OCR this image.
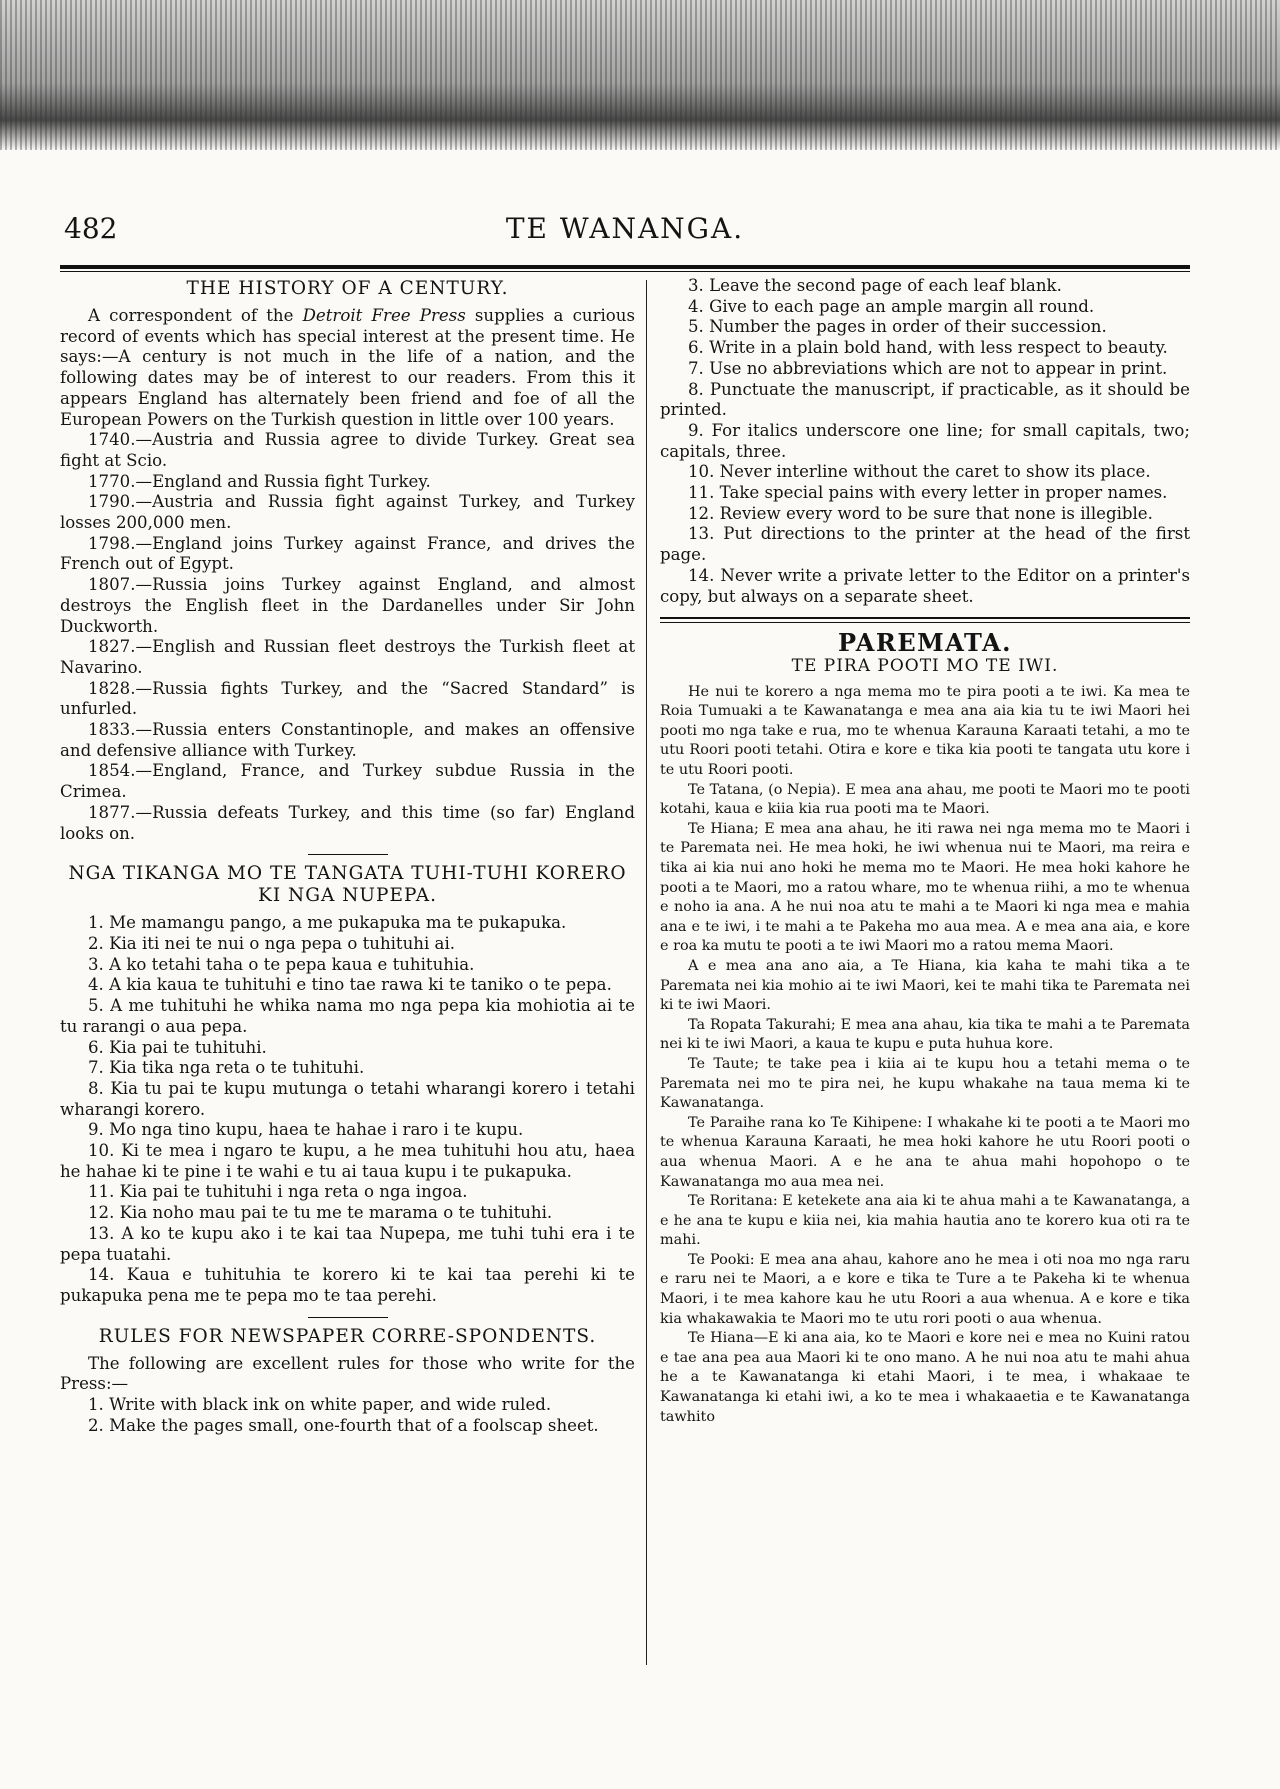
482	TE WANANGA.
THE HISTORY OF A CENTURY.

A correspondent of the Detroit Free Press supplies a curious record of events which has special interest at the present time. He says:—A century is not much in the life of a nation, and the following dates may be of interest to our readers. From this it appears England has alternately been friend and foe of all the European Powers on the Turkish question in little over 100 years.

1740.—Austria and Russia agree to divide Turkey. Great sea fight at Scio.

1770.—England and Russia fight Turkey.

1790.—Austria and Russia fight against Turkey, and Turkey losses 200,000 men.

1798.—England joins Turkey against France, and drives the French out of Egypt.

1807.—Russia joins Turkey against England, and almost destroys the English fleet in the Dardanelles under Sir John Duckworth.

1827.—English and Russian fleet destroys the Turkish fleet at Navarino.

1828.—Russia fights Turkey, and the “Sacred Standard” is unfurled.

1833.—Russia enters Constantinople, and makes an offensive and defensive alliance with Turkey.

1854.—England, France, and Turkey subdue Russia in the Crimea.

1877.—Russia defeats Turkey, and this time (so far) England looks on.

NGA TIKANGA MO TE TANGATA TUHI-TUHI KORERO KI NGA NUPEPA.

1. Me mamangu pango, a me pukapuka ma te pukapuka.

2. Kia iti nei te nui o nga pepa o tuhituhi ai.

3. A ko tetahi taha o te pepa kaua e tuhituhia.

4. A kia kaua te tuhituhi e tino tae rawa ki te taniko o te pepa.

5. A me tuhituhi he whika nama mo nga pepa kia mohiotia ai te tu rarangi o aua pepa.

6. Kia pai te tuhituhi.

7. Kia tika nga reta o te tuhituhi.

8. Kia tu pai te kupu mutunga o tetahi wharangi korero i tetahi wharangi korero.

9. Mo nga tino kupu, haea te hahae i raro i te kupu.

10. Ki te mea i ngaro te kupu, a he mea tuhituhi hou atu, haea he hahae ki te pine i te wahi e tu ai taua kupu i te pukapuka.

11. Kia pai te tuhituhi i nga reta o nga ingoa.

12. Kia noho mau pai te tu me te marama o te tuhituhi.

13. A ko te kupu ako i te kai taa Nupepa, me tuhi tuhi era i te pepa tuatahi.

14. Kaua e tuhituhia te korero ki te kai taa perehi ki te pukapuka pena me te pepa mo te taa perehi.

RULES FOR NEWSPAPER CORRE-SPONDENTS.

The following are excellent rules for those who write for the Press:—

1. Write with black ink on white paper, and wide ruled.

2. Make the pages small, one-fourth that of a foolscap sheet.

3. Leave the second page of each leaf blank.

4. Give to each page an ample margin all round.

5. Number the pages in order of their succession.

6. Write in a plain bold hand, with less respect to beauty.

7. Use no abbreviations which are not to appear in print.

8. Punctuate the manuscript, if practicable, as it should be printed.

9. For italics underscore one line; for small capitals, two; capitals, three.

10. Never interline without the caret to show its place.

11. Take special pains with every letter in proper names.

12. Review every word to be sure that none is illegible.

13. Put directions to the printer at the head of the first page.

14. Never write a private letter to the Editor on a printer's copy, but always on a separate sheet.

PAREMATA.
TE PIRA POOTI MO TE IWI.

He nui te korero a nga mema mo te pira pooti a te iwi. Ka mea te Roia Tumuaki a te Kawanatanga e mea ana aia kia tu te iwi Maori hei pooti mo nga take e rua, mo te whenua Karauna Karaati tetahi, a mo te utu Roori pooti tetahi. Otira e kore e tika kia pooti te tangata utu kore i te utu Roori pooti.

Te Tatana, (o Nepia). E mea ana ahau, me pooti te Maori mo te pooti kotahi, kaua e kiia kia rua pooti ma te Maori.

Te Hiana; E mea ana ahau, he iti rawa nei nga mema mo te Maori i te Paremata nei. He mea hoki, he iwi whenua nui te Maori, ma reira e tika ai kia nui ano hoki he mema mo te Maori. He mea hoki kahore he pooti a te Maori, mo a ratou whare, mo te whenua riihi, a mo te whenua e noho ia ana. A he nui noa atu te mahi a te Maori ki nga mea e mahia ana e te iwi, i te mahi a te Pakeha mo aua mea. A e mea ana aia, e kore e roa ka mutu te pooti a te iwi Maori mo a ratou mema Maori.

A e mea ana ano aia, a Te Hiana, kia kaha te mahi tika a te Paremata nei kia mohio ai te iwi Maori, kei te mahi tika te Paremata nei ki te iwi Maori.

Ta Ropata Takurahi; E mea ana ahau, kia tika te mahi a te Paremata nei ki te iwi Maori, a kaua te kupu e puta huhua kore.

Te Taute; te take pea i kiia ai te kupu hou a tetahi mema o te Paremata nei mo te pira nei, he kupu whakahe na taua mema ki te Kawanatanga.

Te Paraihe rana ko Te Kihipene: I whakahe ki te pooti a te Maori mo te whenua Karauna Karaati, he mea hoki kahore he utu Roori pooti o aua whenua Maori. A e he ana te ahua mahi hopohopo o te Kawanatanga mo aua mea nei.

Te Roritana: E ketekete ana aia ki te ahua mahi a te Kawanatanga, a e he ana te kupu e kiia nei, kia mahia hautia ano te korero kua oti ra te mahi.

Te Pooki: E mea ana ahau, kahore ano he mea i oti noa mo nga raru e raru nei te Maori, a e kore e tika te Ture a te Pakeha ki te whenua Maori, i te mea kahore kau he utu Roori a aua whenua. A e kore e tika kia whakawakia te Maori mo te utu rori pooti o aua whenua.

Te Hiana—E ki ana aia, ko te Maori e kore nei e mea no Kuini ratou e tae ana pea aua Maori ki te ono mano. A he nui noa atu te mahi ahua he a te Kawanatanga ki etahi Maori, i te mea, i whakaae te Kawanatanga ki etahi iwi, a ko te mea i whakaaetia e te Kawanatanga tawhito
